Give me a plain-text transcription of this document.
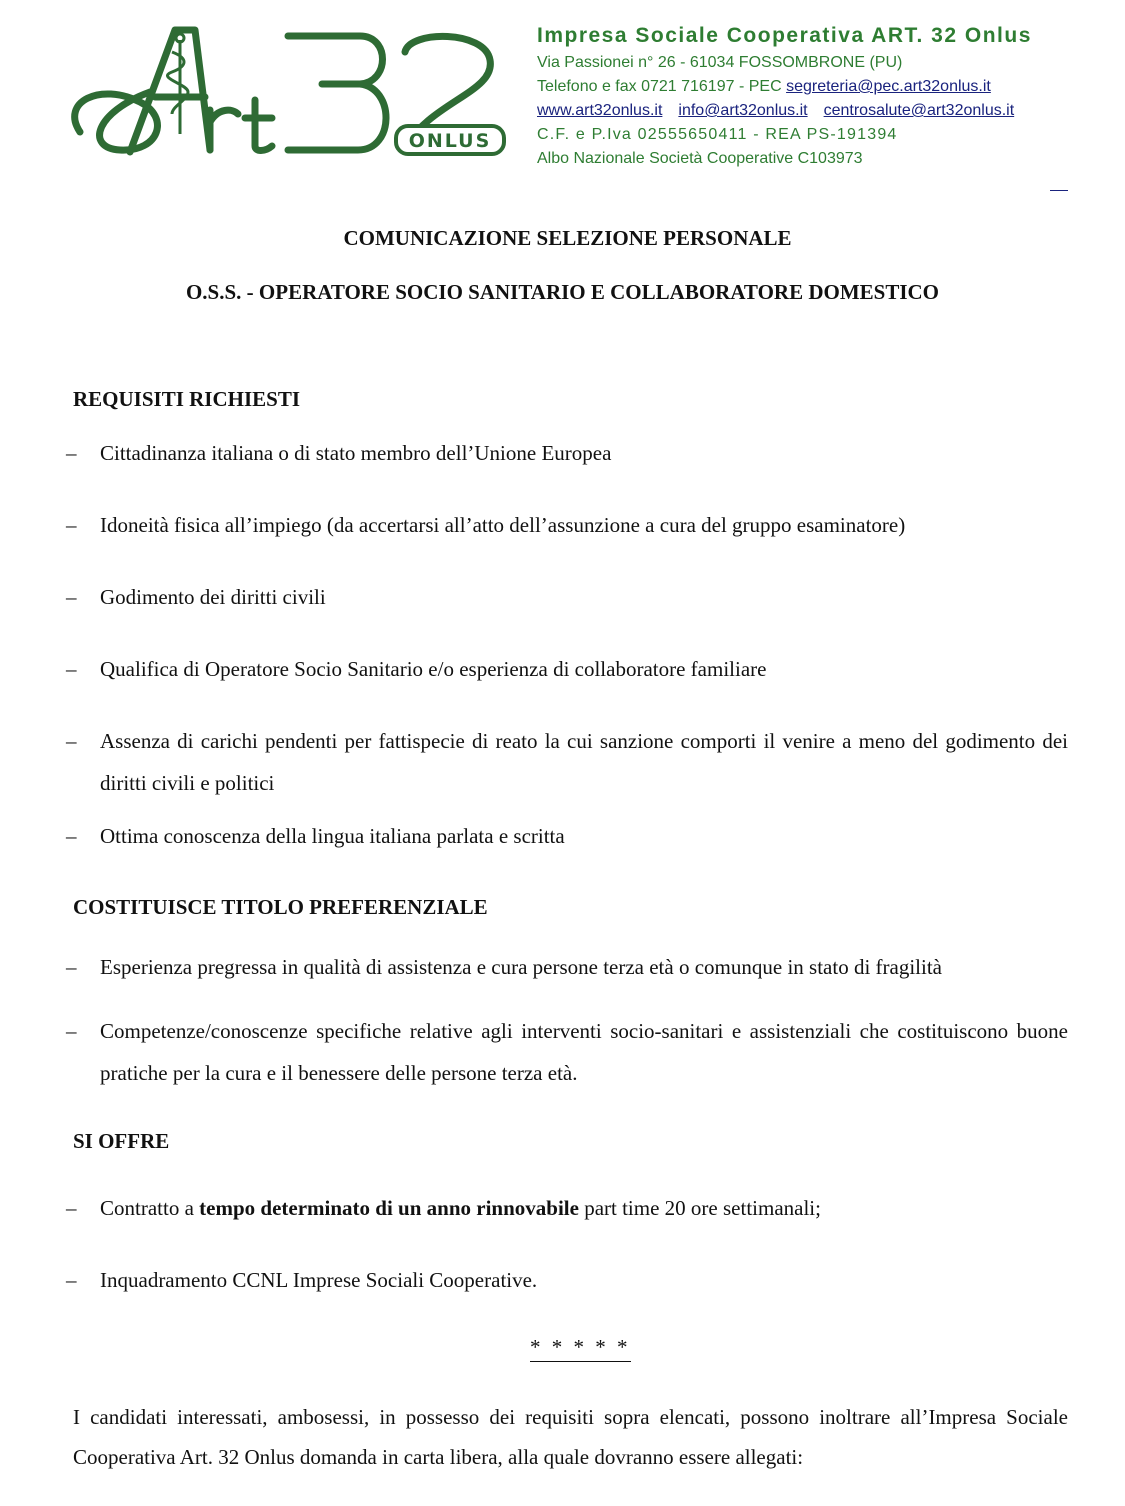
ONLUS
Impresa Sociale Cooperativa ART. 32 Onlus
Via Passionei n° 26 - 61034 FOSSOMBRONE (PU)
Telefono e fax 0721 716197 - PEC segreteria@pec.art32onlus.it
www.art32onlus.it info@art32onlus.it centrosalute@art32onlus.it
C.F. e P.Iva 02555650411 - REA PS-191394
Albo Nazionale Società Cooperative C103973
COMUNICAZIONE SELEZIONE PERSONALE
O.S.S. - OPERATORE SOCIO SANITARIO E COLLABORATORE DOMESTICO
REQUISITI RICHIESTI
– Cittadinanza italiana o di stato membro dell’Unione Europea
– Idoneità fisica all’impiego (da accertarsi all’atto dell’assunzione a cura del gruppo esaminatore)
– Godimento dei diritti civili
– Qualifica di Operatore Socio Sanitario e/o esperienza di collaboratore familiare
– Assenza di carichi pendenti per fattispecie di reato la cui sanzione comporti il venire a meno del godimento dei diritti civili e politici
– Ottima conoscenza della lingua italiana parlata e scritta
COSTITUISCE TITOLO PREFERENZIALE
– Esperienza pregressa in qualità di assistenza e cura persone terza età o comunque in stato di fragilità
– Competenze/conoscenze specifiche relative agli interventi socio-sanitari e assistenziali che costituiscono buone pratiche per la cura e il benessere delle persone terza età.
SI OFFRE
– Contratto a tempo determinato di un anno rinnovabile part time 20 ore settimanali;
– Inquadramento CCNL Imprese Sociali Cooperative.
* * * * *
I candidati interessati, ambosessi, in possesso dei requisiti sopra elencati, possono inoltrare all’Impresa Sociale Cooperativa Art. 32 Onlus domanda in carta libera, alla quale dovranno essere allegati:
